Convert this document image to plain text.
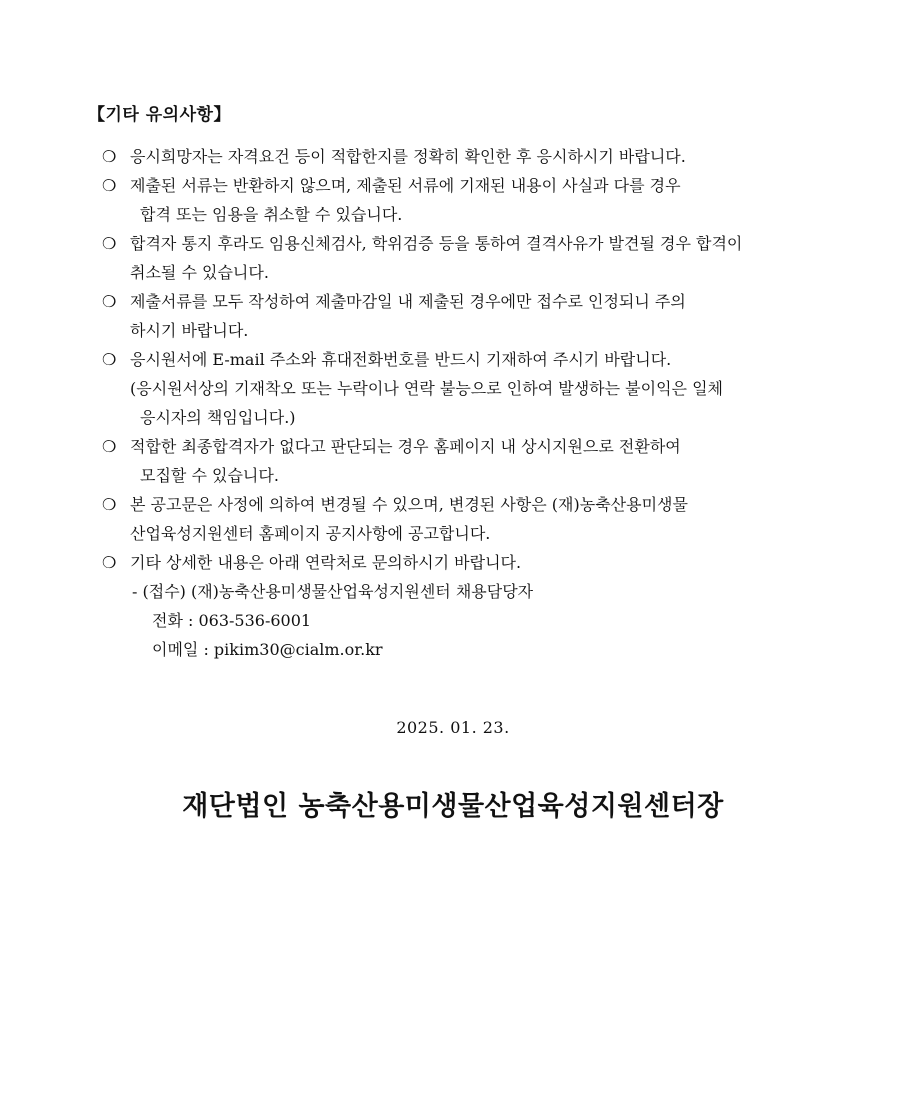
【기타 유의사항】
❍ 응시희망자는 자격요건 등이 적합한지를 정확히 확인한 후 응시하시기 바랍니다.
❍ 제출된 서류는 반환하지 않으며, 제출된 서류에 기재된 내용이 사실과 다를 경우
합격 또는 임용을 취소할 수 있습니다.
❍ 합격자 통지 후라도 임용신체검사, 학위검증 등을 통하여 결격사유가 발견될 경우 합격이
취소될 수 있습니다.
❍ 제출서류를 모두 작성하여 제출마감일 내 제출된 경우에만 접수로 인정되니 주의
하시기 바랍니다.
❍ 응시원서에 E-mail 주소와 휴대전화번호를 반드시 기재하여 주시기 바랍니다.
(응시원서상의 기재착오 또는 누락이나 연락 불능으로 인하여 발생하는 불이익은 일체
응시자의 책임입니다.)
❍ 적합한 최종합격자가 없다고 판단되는 경우 홈페이지 내 상시지원으로 전환하여
모집할 수 있습니다.
❍ 본 공고문은 사정에 의하여 변경될 수 있으며, 변경된 사항은 (재)농축산용미생물
산업육성지원센터 홈페이지 공지사항에 공고합니다.
❍ 기타 상세한 내용은 아래 연락처로 문의하시기 바랍니다.
- (접수) (재)농축산용미생물산업육성지원센터 채용담당자
전화 : 063-536-6001
이메일 : pikim30@cialm.or.kr
2025. 01. 23.
재단법인 농축산용미생물산업육성지원센터장
